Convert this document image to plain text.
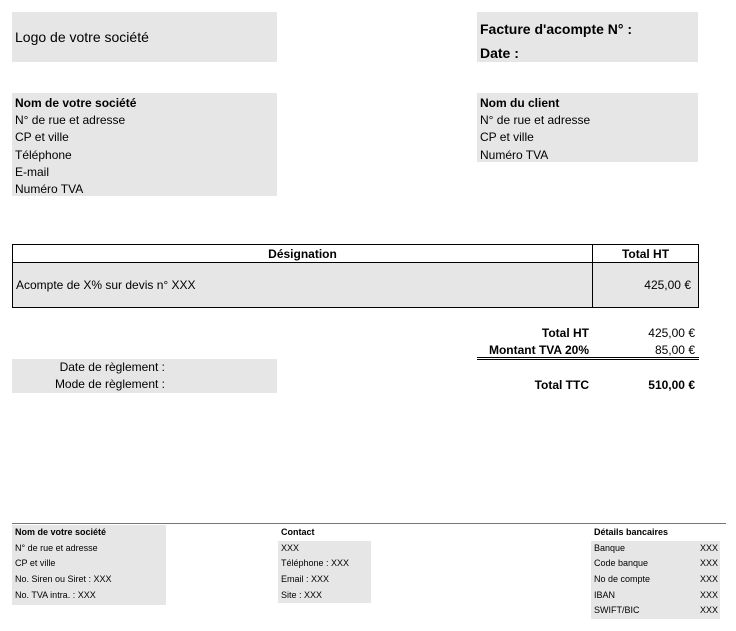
Logo de votre société	Facture d'acompte N° :
Date :
Nom de votre société
N° de rue et adresse
CP et ville
Téléphone
E-mail
Numéro TVA
Nom du client
N° de rue et adresse
CP et ville
Numéro TVA
Désignation	Total HT
Acompte de X% sur devis n° XXX	425,00 €
Total HT	425,00 €
Montant TVA 20%	85,00 €
Total TTC	510,00 €
Date de règlement :
Mode de règlement :
Nom de votre société
N° de rue et adresse
CP et ville
No. Siren ou Siret : XXX
No. TVA intra. : XXX
Contact
XXX
Téléphone : XXX
Email : XXX
Site : XXX
Détails bancaires
Banque	XXX
Code banque	XXX
No de compte	XXX
IBAN	XXX
SWIFT/BIC	XXX
